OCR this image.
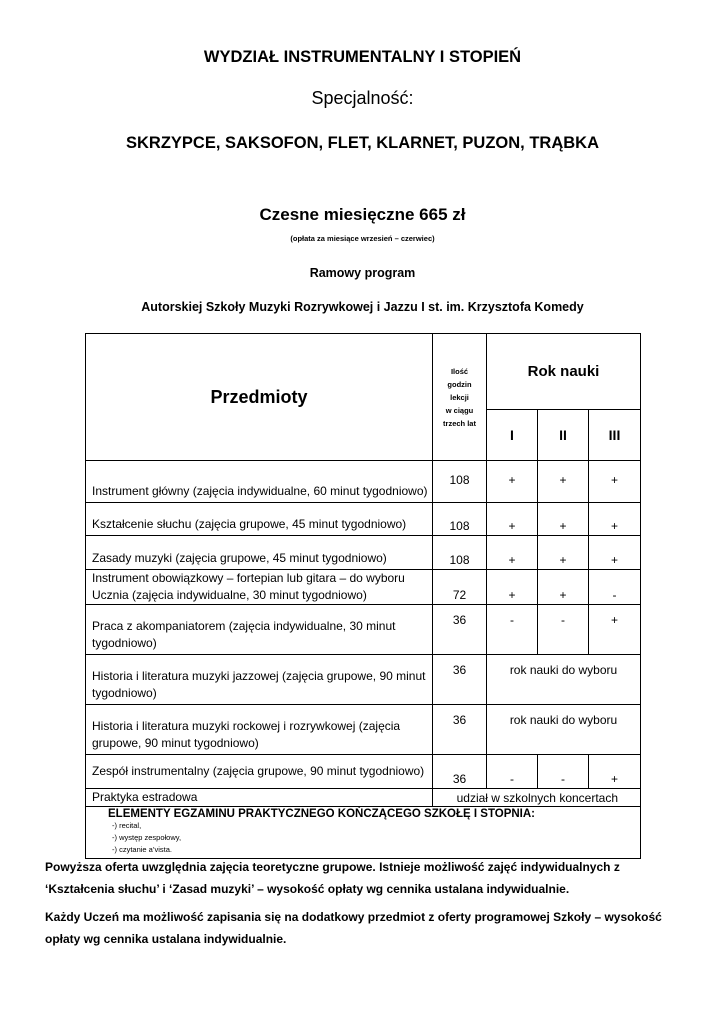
WYDZIAŁ INSTRUMENTALNY I STOPIEŃ
Specjalność:
SKRZYPCE, SAKSOFON, FLET, KLARNET, PUZON, TRĄBKA
Czesne miesięczne 665 zł
(opłata za miesiące wrzesień – czerwiec)
Ramowy program
Autorskiej Szkoły Muzyki Rozrywkowej i Jazzu I st. im. Krzysztofa Komedy
Przedmioty	Ilość
godzin
lekcji
w ciągu
trzech lat	Rok nauki		
		I	II	III
Instrument główny (zajęcia indywidualne, 60 minut tygodniowo)	108	+	+	+
Kształcenie słuchu (zajęcia grupowe, 45 minut tygodniowo)	108	+	+	+
Zasady muzyki (zajęcia grupowe, 45 minut tygodniowo)	108	+	+	+
Instrument obowiązkowy – fortepian lub gitara – do wyboru Ucznia (zajęcia indywidualne, 30 minut tygodniowo)	72	+	+	-
Praca z akompaniatorem (zajęcia indywidualne, 30 minut tygodniowo)	36	-	-	+
Historia i literatura muzyki jazzowej (zajęcia grupowe, 90 minut tygodniowo)	36	rok nauki do wyboru		
Historia i literatura muzyki rockowej i rozrywkowej (zajęcia grupowe, 90 minut tygodniowo)	36	rok nauki do wyboru		
Zespół instrumentalny (zajęcia grupowe, 90 minut tygodniowo)	36	-	-	+
Praktyka estradowa	udział w szkolnych koncertach			

ELEMENTY EGZAMINU PRAKTYCZNEGO KOŃCZĄCEGO SZKOŁĘ I STOPNIA:
-) recital,
-) występ zespołowy,
-) czytanie a’vista.				
Powyższa oferta uwzględnia zajęcia teoretyczne grupowe. Istnieje możliwość zajęć indywidualnych z ‘Kształcenia słuchu’ i ‘Zasad muzyki’ – wysokość opłaty wg cennika ustalana indywidualnie.
Każdy Uczeń ma możliwość zapisania się na dodatkowy przedmiot z oferty programowej Szkoły – wysokość opłaty wg cennika ustalana indywidualnie.
